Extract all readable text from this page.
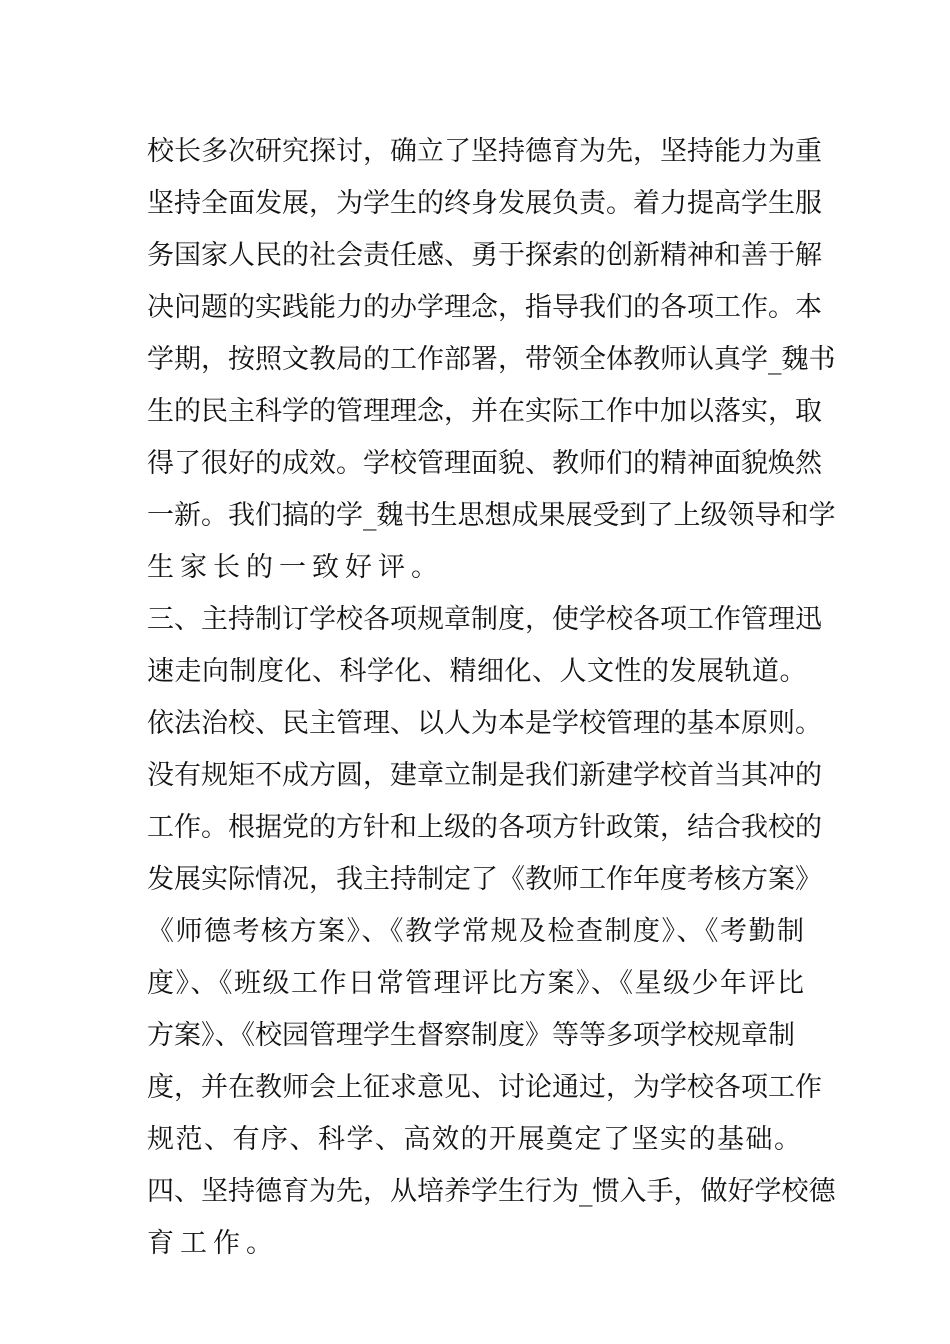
校长多次研究探讨，确立了坚持德育为先，坚持能力为重
坚持全面发展，为学生的终身发展负责。着力提高学生服
务国家人民的社会责任感、勇于探索的创新精神和善于解
决问题的实践能力的办学理念，指导我们的各项工作。本
学期，按照文教局的工作部署，带领全体教师认真学_魏书
生的民主科学的管理理念，并在实际工作中加以落实，取
得了很好的成效。学校管理面貌、教师们的精神面貌焕然
一新。我们搞的学_魏书生思想成果展受到了上级领导和学
生家长的一致好评。
三、主持制订学校各项规章制度，使学校各项工作管理迅
速走向制度化、科学化、精细化、人文性的发展轨道。
依法治校、民主管理、以人为本是学校管理的基本原则。
没有规矩不成方圆，建章立制是我们新建学校首当其冲的
工作。根据党的方针和上级的各项方针政策，结合我校的
发展实际情况，我主持制定了《教师工作年度考核方案》
《师德考核方案》、《教学常规及检查制度》、《考勤制
度》、《班级工作日常管理评比方案》、《星级少年评比
方案》、《校园管理学生督察制度》等等多项学校规章制
度，并在教师会上征求意见、讨论通过，为学校各项工作
规范、有序、科学、高效的开展奠定了坚实的基础。
四、坚持德育为先，从培养学生行为_惯入手，做好学校德
育工作。
